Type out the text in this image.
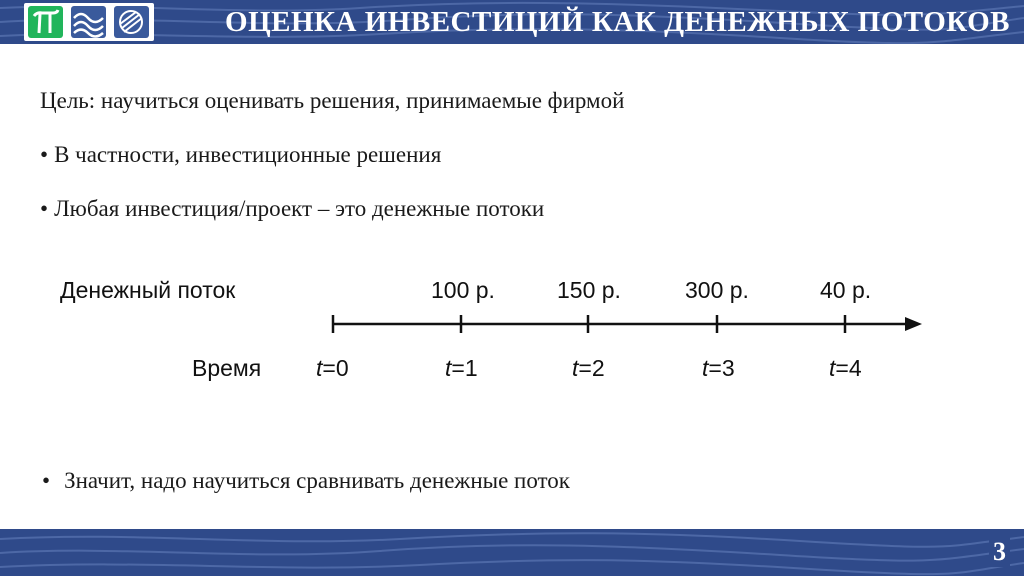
ОЦЕНКА ИНВЕСТИЦИЙ КАК ДЕНЕЖНЫХ ПОТОКОВ
Цель: научиться оценивать решения, принимаемые фирмой
• В частности, инвестиционные решения
• Любая инвестиция/проект – это денежные потоки
Денежный поток
Время t=0
100 р.
t=1
150 р.
t=2
300 р.
t=3
40 р.
t=4
• Значит, надо научиться сравнивать денежные поток
3
